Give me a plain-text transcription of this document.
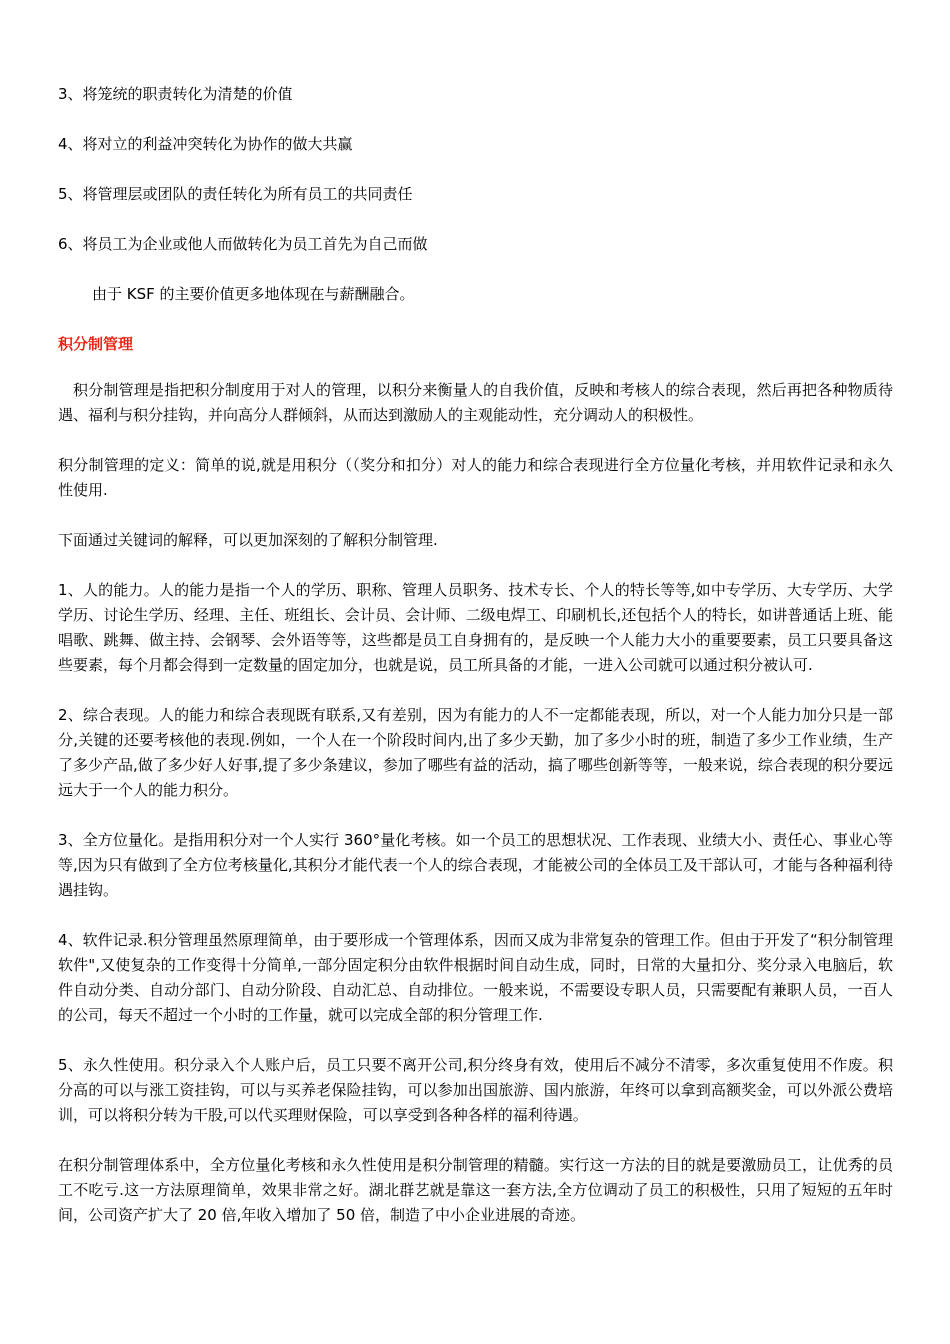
3、将笼统的职责转化为清楚的价值

4、将对立的利益冲突转化为协作的做大共赢

5、将管理层或团队的责任转化为所有员工的共同责任

6、将员工为企业或他人而做转化为员工首先为自己而做

由于 KSF 的主要价值更多地体现在与薪酬融合。

积分制管理

积分制管理是指把积分制度用于对人的管理，以积分来衡量人的自我价值，反映和考核人的综合表现，然后再把各种物质待遇、福利与积分挂钩，并向高分人群倾斜，从而达到激励人的主观能动性，充分调动人的积极性。

积分制管理的定义：简单的说,就是用积分（（奖分和扣分）对人的能力和综合表现进行全方位量化考核，并用软件记录和永久性使用.

下面通过关键词的解释，可以更加深刻的了解积分制管理.

1、人的能力。人的能力是指一个人的学历、职称、管理人员职务、技术专长、个人的特长等等,如中专学历、大专学历、大学学历、讨论生学历、经理、主任、班组长、会计员、会计师、二级电焊工、印刷机长,还包括个人的特长，如讲普通话上班、能唱歌、跳舞、做主持、会钢琴、会外语等等，这些都是员工自身拥有的，是反映一个人能力大小的重要要素，员工只要具备这些要素，每个月都会得到一定数量的固定加分，也就是说，员工所具备的才能，一进入公司就可以通过积分被认可.

2、综合表现。人的能力和综合表现既有联系,又有差别，因为有能力的人不一定都能表现，所以，对一个人能力加分只是一部分,关键的还要考核他的表现.例如，一个人在一个阶段时间内,出了多少天勤，加了多少小时的班，制造了多少工作业绩，生产了多少产品,做了多少好人好事,提了多少条建议，参加了哪些有益的活动，搞了哪些创新等等，一般来说，综合表现的积分要远远大于一个人的能力积分。

3、全方位量化。是指用积分对一个人实行 360°量化考核。如一个员工的思想状况、工作表现、业绩大小、责任心、事业心等等,因为只有做到了全方位考核量化,其积分才能代表一个人的综合表现，才能被公司的全体员工及干部认可，才能与各种福利待遇挂钩。

4、软件记录.积分管理虽然原理简单，由于要形成一个管理体系，因而又成为非常复杂的管理工作。但由于开发了“积分制管理软件",又使复杂的工作变得十分简单,一部分固定积分由软件根据时间自动生成，同时，日常的大量扣分、奖分录入电脑后，软件自动分类、自动分部门、自动分阶段、自动汇总、自动排位。一般来说，不需要设专职人员，只需要配有兼职人员，一百人的公司，每天不超过一个小时的工作量，就可以完成全部的积分管理工作.

5、永久性使用。积分录入个人账户后，员工只要不离开公司,积分终身有效，使用后不减分不清零，多次重复使用不作废。积分高的可以与涨工资挂钩，可以与买养老保险挂钩，可以参加出国旅游、国内旅游，年终可以拿到高额奖金，可以外派公费培训，可以将积分转为干股,可以代买理财保险，可以享受到各种各样的福利待遇。

在积分制管理体系中，全方位量化考核和永久性使用是积分制管理的精髓。实行这一方法的目的就是要激励员工，让优秀的员工不吃亏.这一方法原理简单，效果非常之好。湖北群艺就是靠这一套方法,全方位调动了员工的积极性，只用了短短的五年时间，公司资产扩大了 20 倍,年收入增加了 50 倍，制造了中小企业进展的奇迹。
